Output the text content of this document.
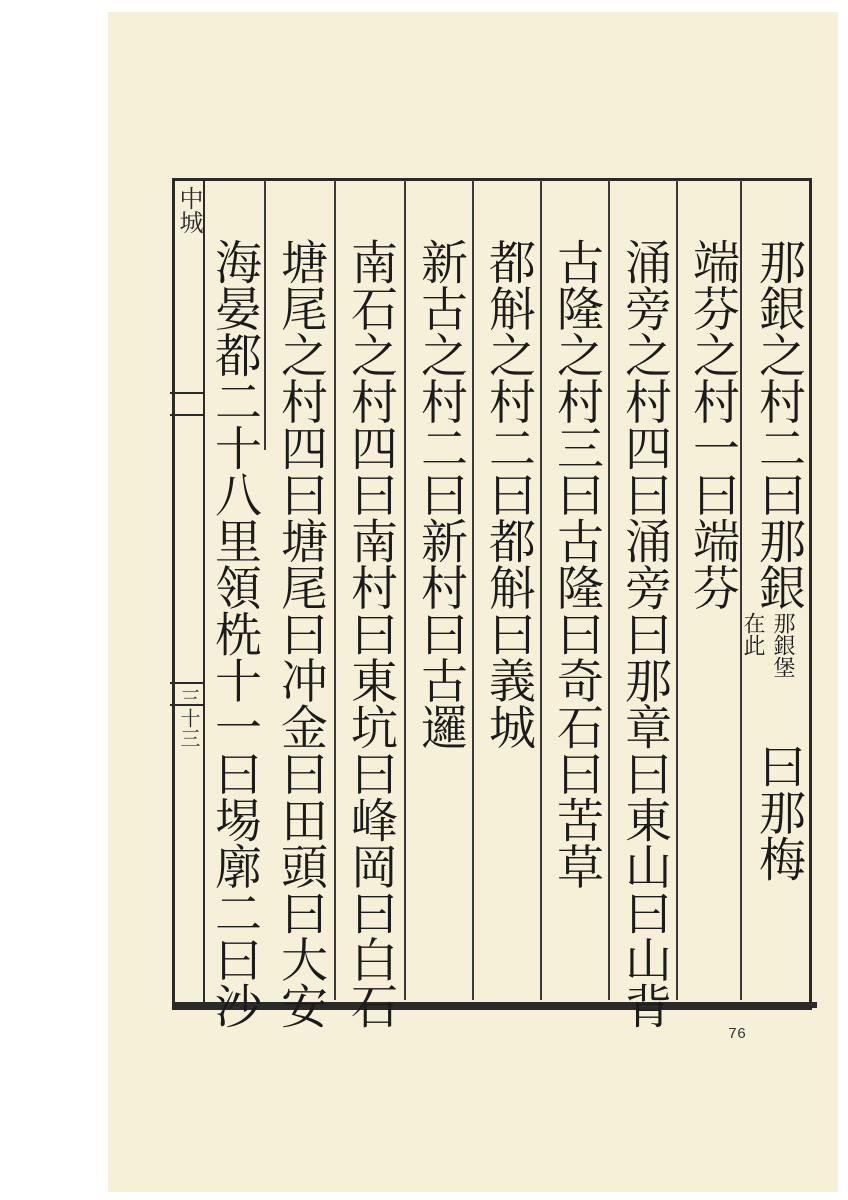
中城
三十三
那銀之村二曰那銀
曰那梅
那銀堡
在此
端芬之村一曰端芬
涌旁之村四曰涌旁曰那章曰東山曰山背
古隆之村三曰古隆曰奇石曰苦草
都斛之村二曰都斛曰義城
新古之村二曰新村曰古邏
南石之村四曰南村曰東坑曰峰岡曰白石
塘尾之村四曰塘尾曰冲金曰田頭曰大安
海晏都二十八里領㭠十一曰埸廓二曰沙
76
